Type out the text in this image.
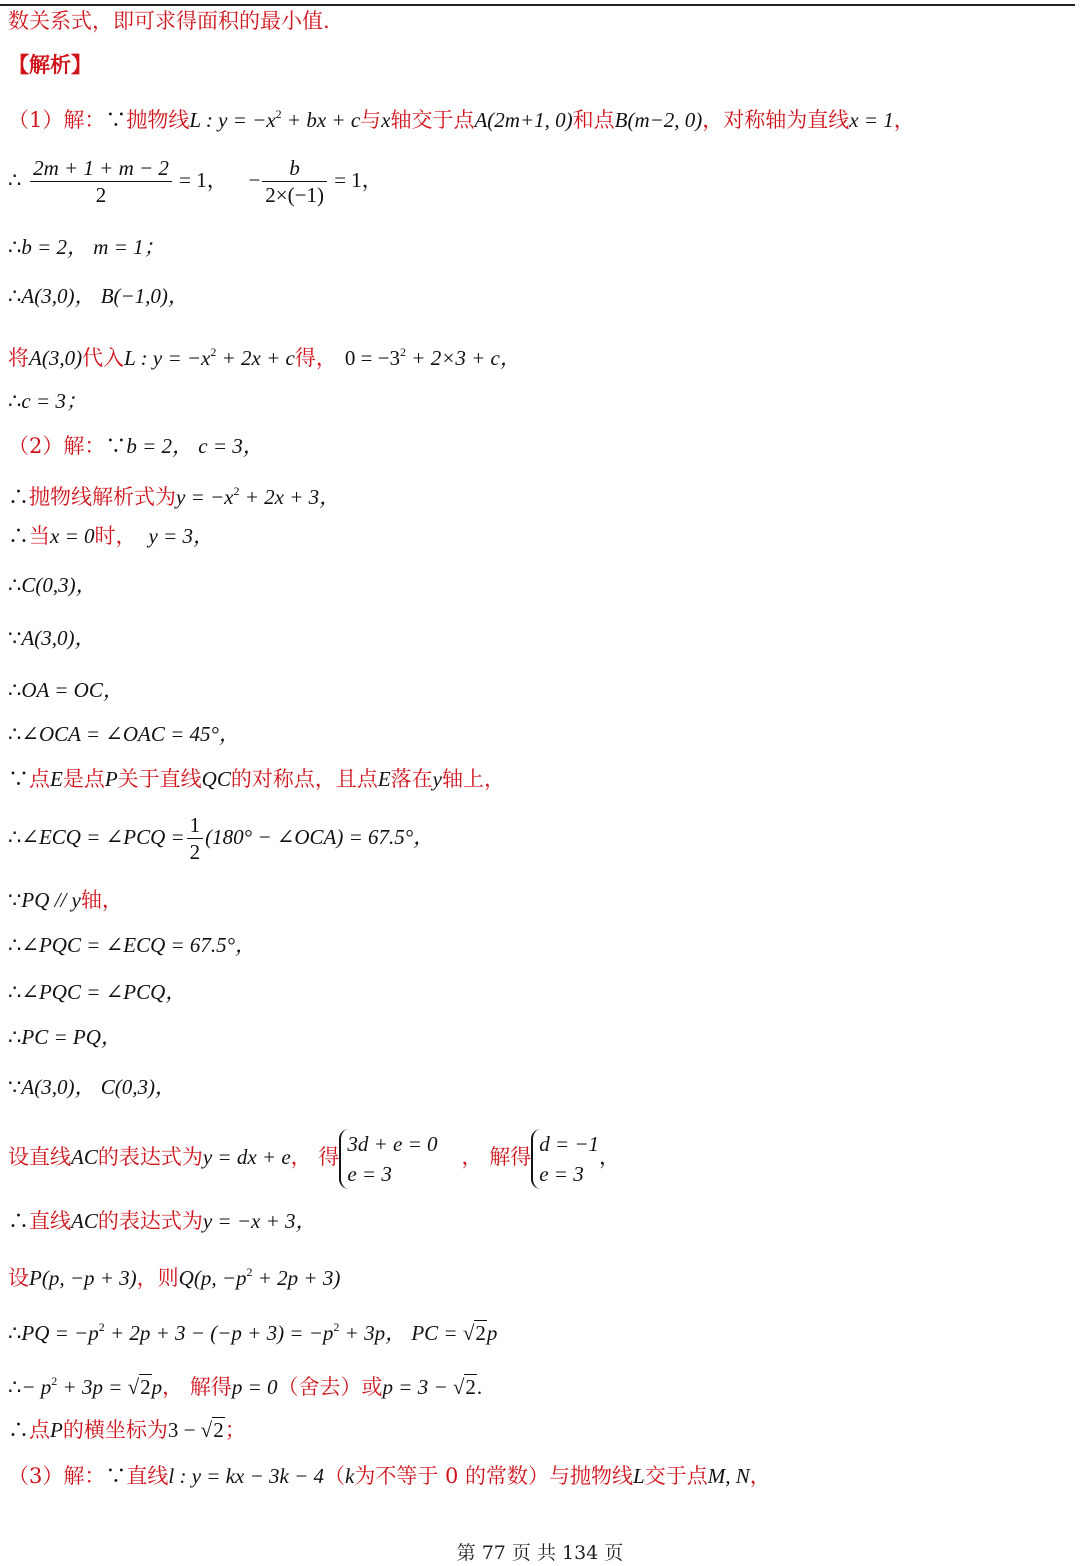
数关系式，即可求得面积的最小值.
【解析】
（1）解：∵抛物线L : $y = -x^2$ + bx + c与x轴交于点A(2m+1, 0)和点B(m−2, 0)，对称轴为直线x = 1，
∴ $\frac{2m + 1 + m - 2}{2} = 1$， − $\frac{b}{2\times(-1)} = 1$，
∴b = 2， m = 1；
∴A(3,0)， B(−1,0)，
将A(3,0)代入L : $y = -x^2 + 2x + c$得， $0 = -3^2 + 2\times 3 + c$，
∴c = 3；
（2）解：∵b = 2， c = 3，
∴抛物线解析式为$y = -x^2 + 2x + 3$，
∴当x = 0时， y = 3，
∴C(0,3)，
∵A(3,0)，
∴OA = OC，
∴∠OCA = ∠OAC = 45°，
∵点E是点P关于直线QC的对称点，且点E落在y轴上，
∴∠ECQ = ∠PCQ = $\frac{1}{2} (180^\circ$ − ∠OCA) = 67.5°，
∵PQ // y轴，
∴∠PQC = ∠ECQ = 67.5°，
∴∠PQC = ∠PCQ，
∴PC = PQ，
∵A(3,0)， C(0,3)，
设直线AC的表达式为y = dx + e， 得
3d + e = 0
e = 3
， 解得
d = −1
e = 3
，
∴直线AC的表达式为y = −x + 3，
设P(p, −p + 3)，则Q(p, $-p^2 + 2p + 3$)
∴PQ = $-p^2 + 2p + 3 - (-p + 3) = -p^2 + 3p$， PC = √2p
∴− $p^2 + 3p = √2p$， 解得p = 0（舍去）或p = 3 − √2.
∴点P的横坐标为3 − √2；
（3）解：∵直线l : y = kx − 3k − 4（k为不等于 0 的常数）与抛物线L交于点M, N，
第 77 页 共 134 页
